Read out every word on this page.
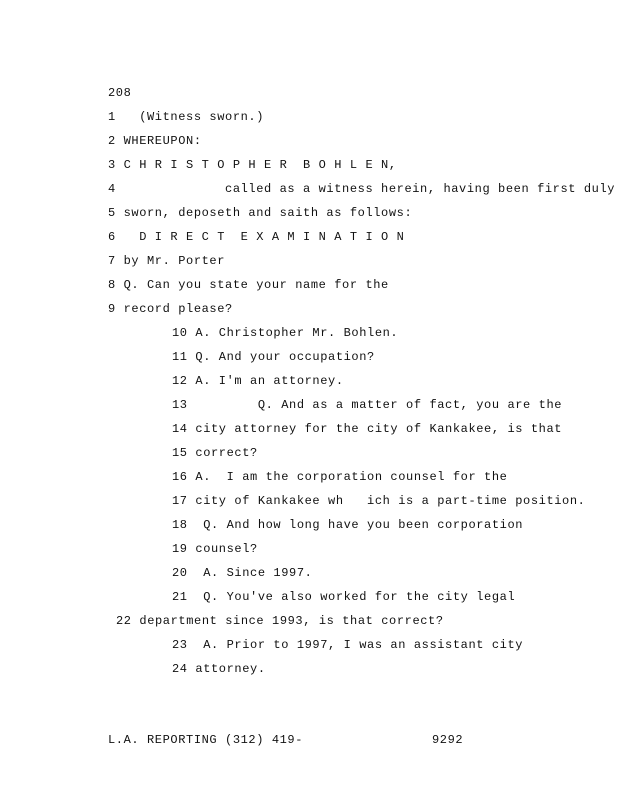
208
1   (Witness sworn.)
2 WHEREUPON:
3 C H R I S T O P H E R  B O H L E N,
4              called as a witness herein, having been first duly
5 sworn, deposeth and saith as follows:
6   D I R E C T  E X A M I N A T I O N
7 by Mr. Porter
8 Q. Can you state your name for the
9 record please?
10 A. Christopher Mr. Bohlen.
11 Q. And your occupation?
12 A. I'm an attorney.
13         Q. And as a matter of fact, you are the
14 city attorney for the city of Kankakee, is that
15 correct?
16 A.  I am the corporation counsel for the
17 city of Kankakee wh   ich is a part-time position.
18  Q. And how long have you been corporation
19 counsel?
20  A. Since 1997.
21  Q. You've also worked for the city legal
22 department since 1993, is that correct?
23  A. Prior to 1997, I was an assistant city
24 attorney.
L.A. REPORTING (312) 419-	9292
